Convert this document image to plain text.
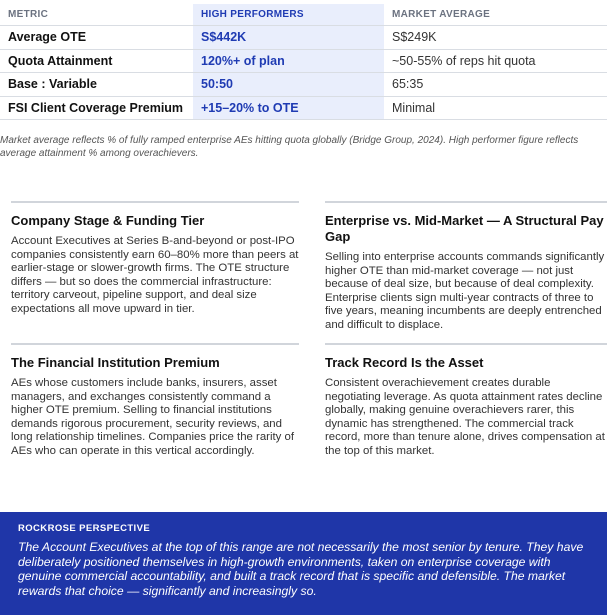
METRIC	HIGH PERFORMERS	MARKET AVERAGE
Average OTE	S$442K	S$249K
Quota Attainment	120%+ of plan	~50-55% of reps hit quota
Base : Variable	50:50	65:35
FSI Client Coverage Premium	+15–20% to OTE	Minimal
Market average reflects % of fully ramped enterprise AEs hitting quota globally (Bridge Group, 2024). High performer figure reflects average attainment % among overachievers.
Company Stage & Funding Tier

Account Executives at Series B-and-beyond or post-IPO companies consistently earn 60–80% more than peers at earlier-stage or slower-growth firms. The OTE structure differs — but so does the commercial infrastructure: territory carveout, pipeline support, and deal size expectations all move upward in tier.

Enterprise vs. Mid-Market — A Structural Pay Gap

Selling into enterprise accounts commands significantly higher OTE than mid-market coverage — not just because of deal size, but because of deal complexity. Enterprise clients sign multi-year contracts of three to five years, meaning incumbents are deeply entrenched and difficult to displace.

The Financial Institution Premium

AEs whose customers include banks, insurers, asset managers, and exchanges consistently command a higher OTE premium. Selling to financial institutions demands rigorous procurement, security reviews, and long relationship timelines. Companies price the rarity of AEs who can operate in this vertical accordingly.

Track Record Is the Asset

Consistent overachievement creates durable negotiating leverage. As quota attainment rates decline globally, making genuine overachievers rarer, this dynamic has strengthened. The commercial track record, more than tenure alone, drives compensation at the top of this market.

ROCKROSE PERSPECTIVE
The Account Executives at the top of this range are not necessarily the most senior by tenure. They have deliberately positioned themselves in high-growth environments, taken on enterprise coverage with genuine commercial accountability, and built a track record that is specific and defensible. The market rewards that choice — significantly and increasingly so.
